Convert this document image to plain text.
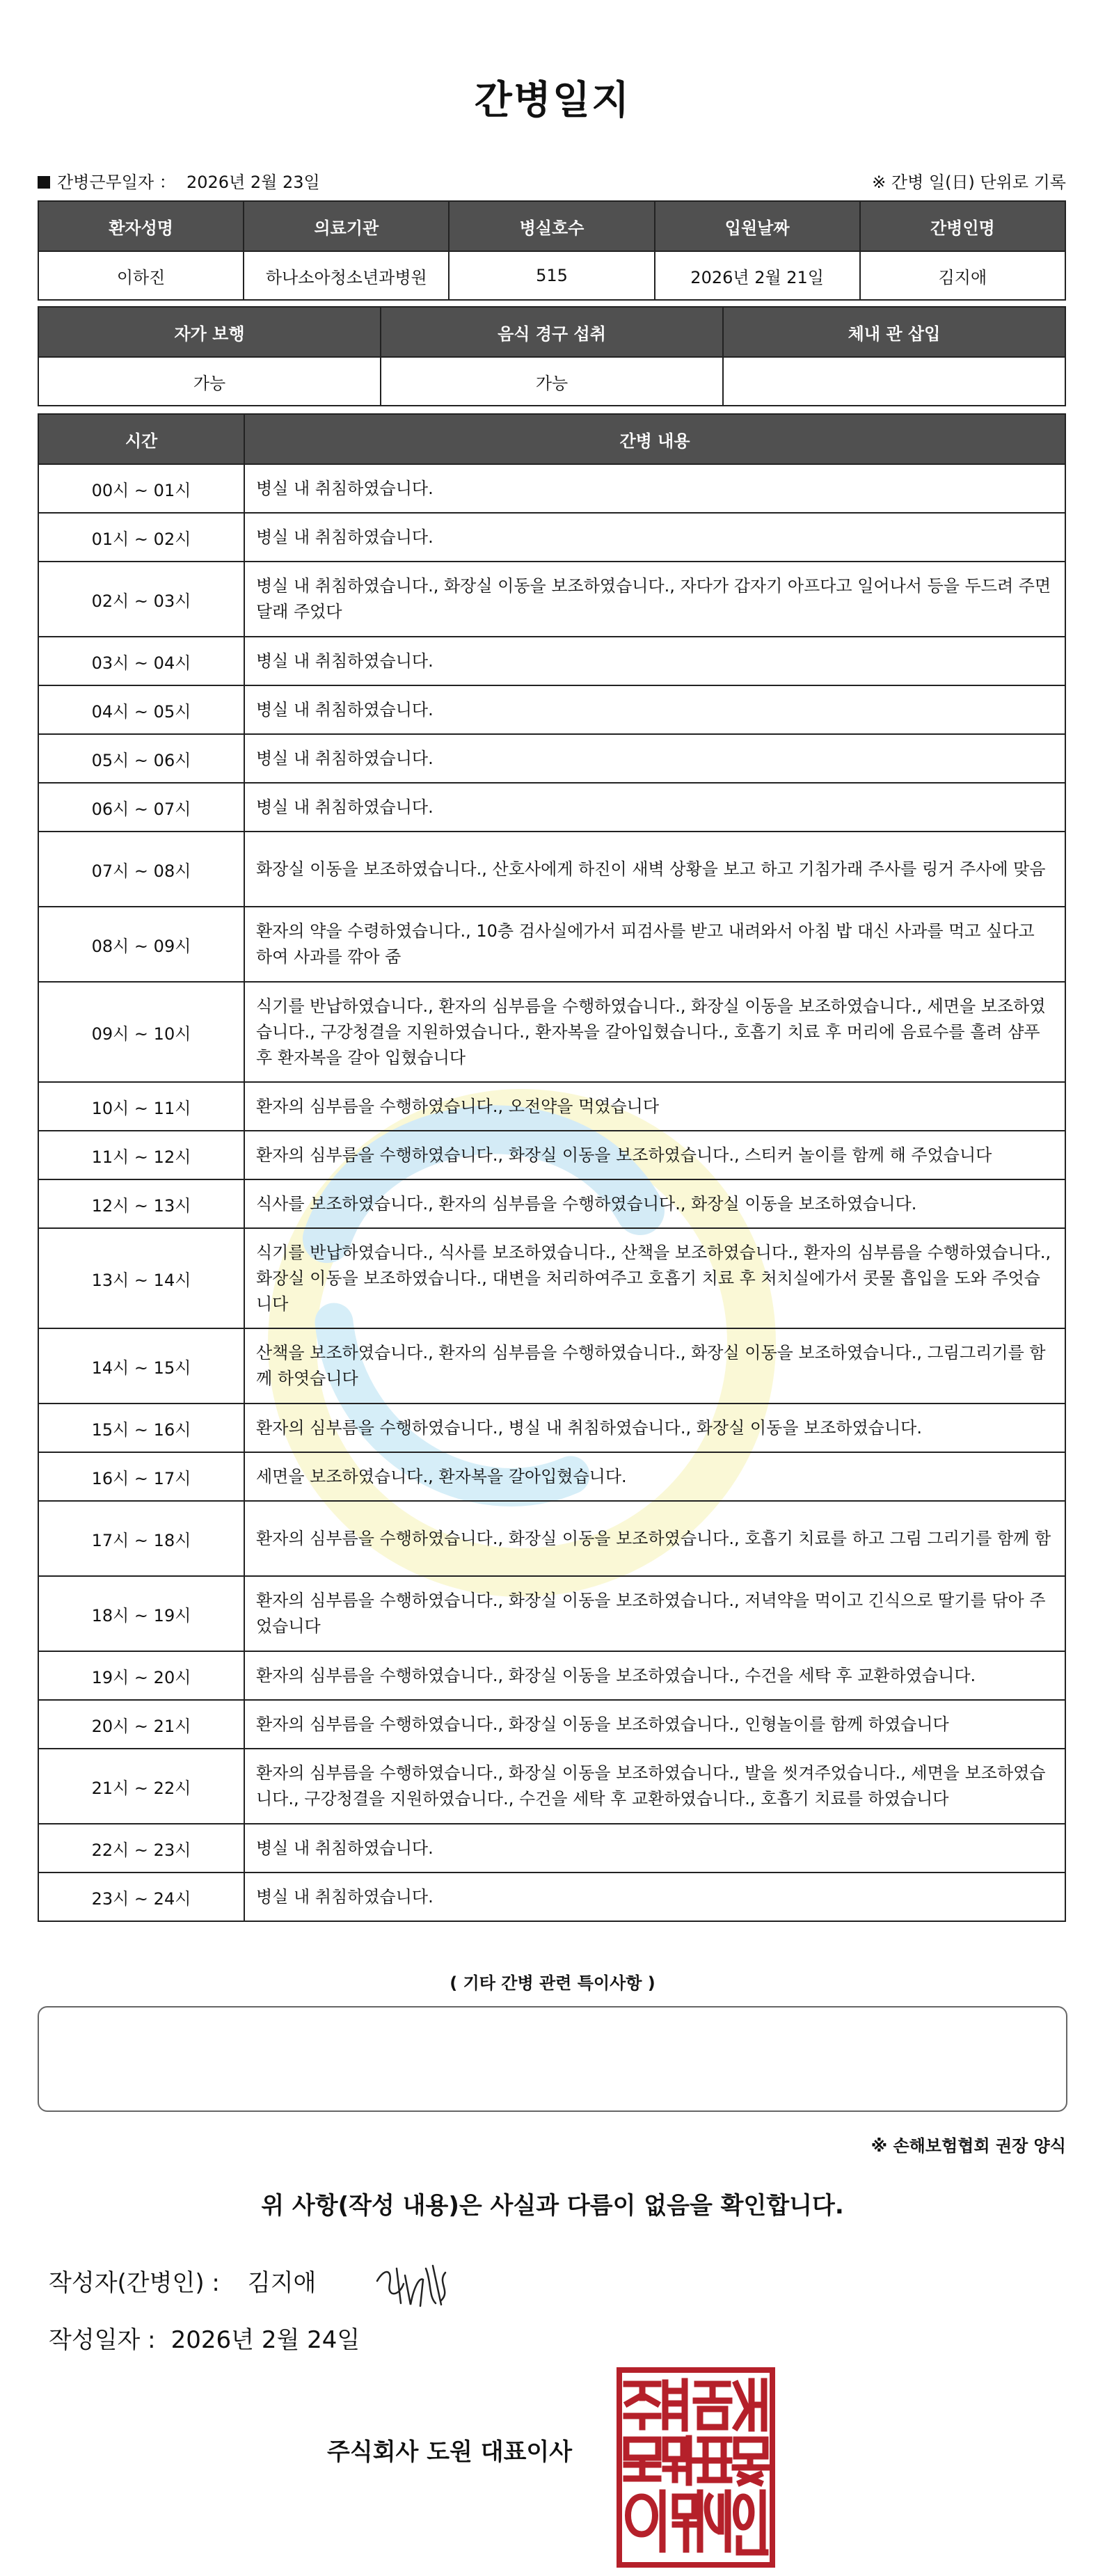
간병일지
간병근무일자 ： 2026년 2월 23일	※ 간병 일(日) 단위로 기록
환자성명	의료기관	병실호수	입원날짜	간병인명
이하진	하나소아청소년과병원	515	2026년 2월 21일	김지애
자가 보행	음식 경구 섭취	체내 관 삽입
가능	가능	
시간	간병 내용
00시 ~ 01시	병실 내 취침하였습니다.
01시 ~ 02시	병실 내 취침하였습니다.
02시 ~ 03시	병실 내 취침하였습니다., 화장실 이동을 보조하였습니다., 자다가 갑자기 아프다고 일어나서 등을 두드려 주면 달래 주었다
03시 ~ 04시	병실 내 취침하였습니다.
04시 ~ 05시	병실 내 취침하였습니다.
05시 ~ 06시	병실 내 취침하였습니다.
06시 ~ 07시	병실 내 취침하였습니다.
07시 ~ 08시	화장실 이동을 보조하였습니다., 산호사에게 하진이 새벽 상황을 보고 하고 기침가래 주사를 링거 주사에 맞음
08시 ~ 09시	환자의 약을 수령하였습니다., 10층 검사실에가서 피검사를 받고 내려와서 아침 밥 대신 사과를 먹고 싶다고 하여 사과를 깎아 줌
09시 ~ 10시	식기를 반납하였습니다., 환자의 심부름을 수행하였습니다., 화장실 이동을 보조하였습니다., 세면을 보조하였습니다., 구강청결을 지원하였습니다., 환자복을 갈아입혔습니다., 호흡기 치료 후 머리에 음료수를 흘려 샴푸 후 환자복을 갈아 입혔습니다
10시 ~ 11시	환자의 심부름을 수행하였습니다., 오전약을 먹였습니다
11시 ~ 12시	환자의 심부름을 수행하였습니다., 화장실 이동을 보조하였습니다., 스티커 놀이를 함께 해 주었습니다
12시 ~ 13시	식사를 보조하였습니다., 환자의 심부름을 수행하였습니다., 화장실 이동을 보조하였습니다.
13시 ~ 14시	식기를 반납하였습니다., 식사를 보조하였습니다., 산책을 보조하였습니다., 환자의 심부름을 수행하였습니다., 화장실 이동을 보조하였습니다., 대변을 처리하여주고 호흡기 치료 후 처치실에가서 콧물 흡입을 도와 주엇습니다
14시 ~ 15시	산책을 보조하였습니다., 환자의 심부름을 수행하였습니다., 화장실 이동을 보조하였습니다., 그림그리기를 함께 하엿습니다
15시 ~ 16시	환자의 심부름을 수행하였습니다., 병실 내 취침하였습니다., 화장실 이동을 보조하였습니다.
16시 ~ 17시	세면을 보조하였습니다., 환자복을 갈아입혔습니다.
17시 ~ 18시	환자의 심부름을 수행하였습니다., 화장실 이동을 보조하였습니다., 호흡기 치료를 하고 그림 그리기를 함께 함
18시 ~ 19시	환자의 심부름을 수행하였습니다., 화장실 이동을 보조하였습니다., 저녁약을 먹이고 긴식으로 딸기를 닦아 주었습니다
19시 ~ 20시	환자의 심부름을 수행하였습니다., 화장실 이동을 보조하였습니다., 수건을 세탁 후 교환하였습니다.
20시 ~ 21시	환자의 심부름을 수행하였습니다., 화장실 이동을 보조하였습니다., 인형놀이를 함께 하였습니다
21시 ~ 22시	환자의 심부름을 수행하였습니다., 화장실 이동을 보조하였습니다., 발을 씻겨주었습니다., 세면을 보조하였습니다., 구강청결을 지원하였습니다., 수건을 세탁 후 교환하였습니다., 호흡기 치료를 하였습니다
22시 ~ 23시	병실 내 취침하였습니다.
23시 ~ 24시	병실 내 취침하였습니다.
( 기타 간병 관련 특이사항 )
※ 손해보험협회 권장 양식
위 사항(작성 내용)은 사실과 다름이 없음을 확인합니다.
작성자(간병인) : 김지애
작성일자 : 2026년 2월 24일
주식회사 도원 대표이사
